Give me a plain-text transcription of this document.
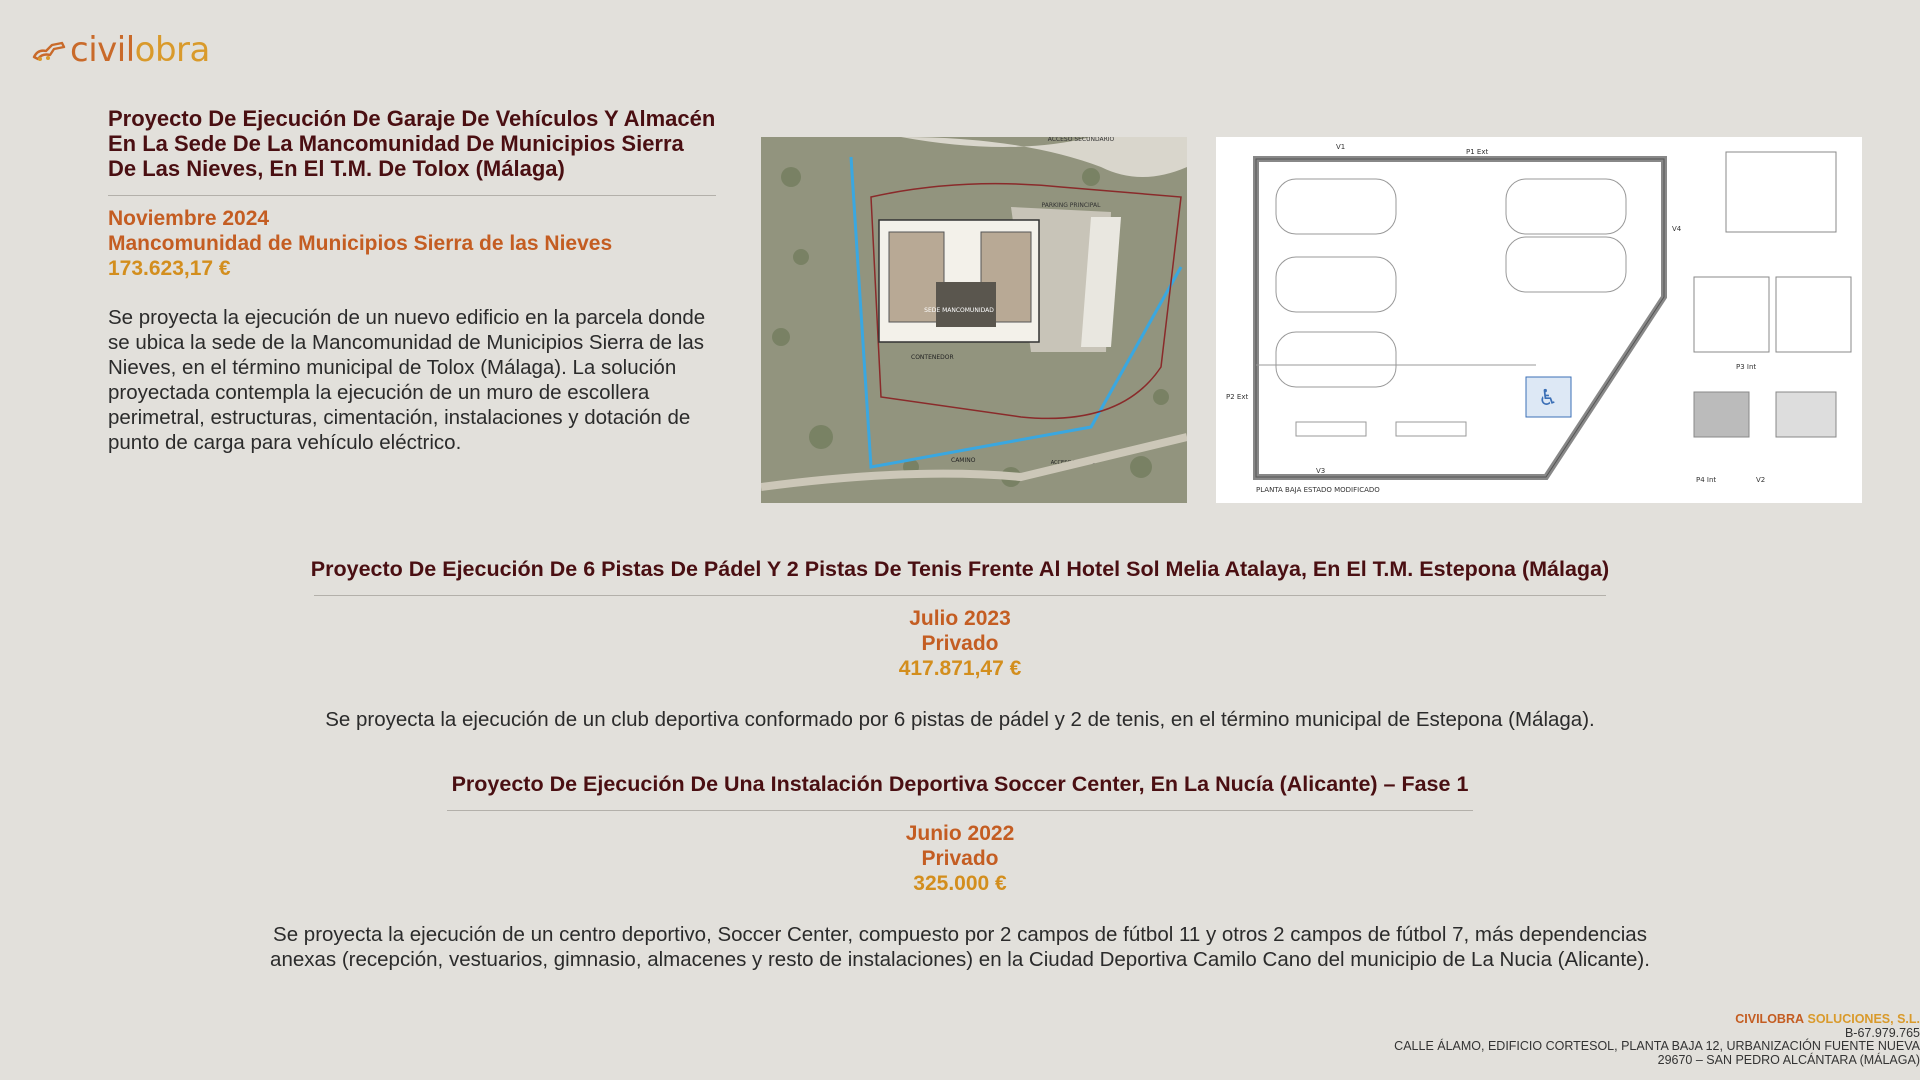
civilobra
Proyecto De Ejecución De Garaje De Vehículos Y Almacén En La Sede De La Mancomunidad De Municipios Sierra De Las Nieves, En El T.M. De Tolox (Málaga)
Noviembre 2024
Mancomunidad de Municipios Sierra de las Nieves
173.623,17 €
Se proyecta la ejecución de un nuevo edificio en la parcela donde se ubica la sede de la Mancomunidad de Municipios Sierra de las Nieves, en el término municipal de Tolox (Málaga). La solución proyectada contempla la ejecución de un muro de escollera perimetral, estructuras, cimentación, instalaciones y dotación de punto de carga para vehículo eléctrico.
SEDE MANCOMUNIDAD
ACCESO SECUNDARIO
PARKING PRINCIPAL
CONTENEDOR
CAMINO	ACCESO RODADO
♿
P1 Ext
P2 Ext
P3 Int
P4 Int
V1
V2
V3
V4
PLANTA BAJA ESTADO MODIFICADO
Proyecto De Ejecución De 6 Pistas De Pádel Y 2 Pistas De Tenis Frente Al Hotel Sol Melia Atalaya, En El T.M. Estepona (Málaga)
Julio 2023
Privado
417.871,47 €
Se proyecta la ejecución de un club deportiva conformado por 6 pistas de pádel y 2 de tenis, en el término municipal de Estepona (Málaga).
Proyecto De Ejecución De Una Instalación Deportiva Soccer Center, En La Nucía (Alicante) – Fase 1
Junio 2022
Privado
325.000 €
Se proyecta la ejecución de un centro deportivo, Soccer Center, compuesto por 2 campos de fútbol 11 y otros 2 campos de fútbol 7, más dependencias
anexas (recepción, vestuarios, gimnasio, almacenes y resto de instalaciones) en la Ciudad Deportiva Camilo Cano del municipio de La Nucia (Alicante).
CIVILOBRA SOLUCIONES, S.L.
B-67.979.765
CALLE ÁLAMO, EDIFICIO CORTESOL, PLANTA BAJA 12, URBANIZACIÓN FUENTE NUEVA
29670 – SAN PEDRO ALCÁNTARA (MÁLAGA)
